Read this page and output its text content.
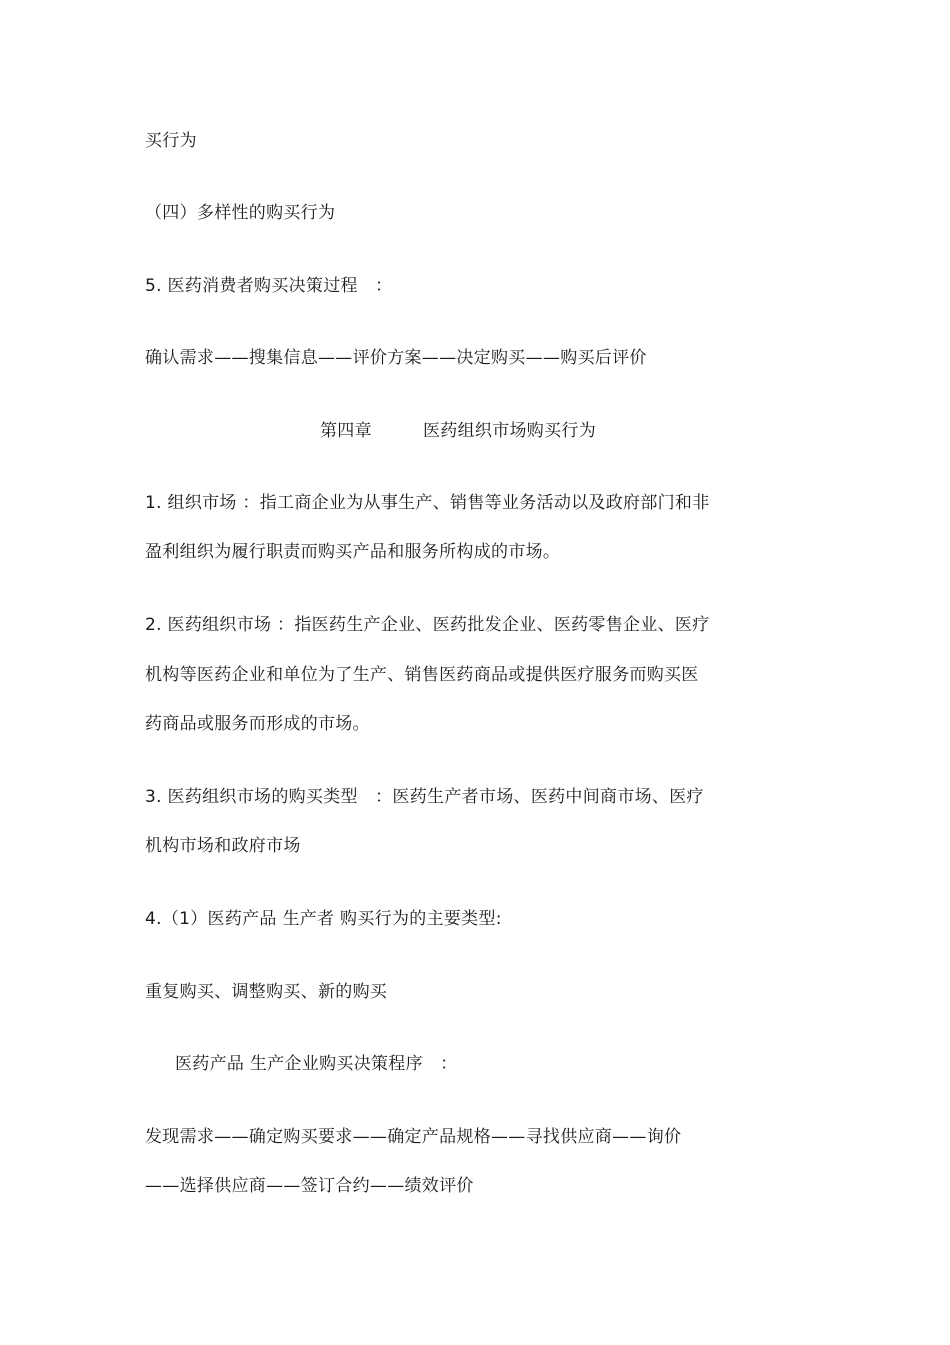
买行为
（四）多样性的购买行为
5. 医药消费者购买决策过程　：
确认需求——搜集信息——评价方案——决定购买——购买后评价
第四章	医药组织市场购买行为
1. 组织市场 ：指工商企业为从事生产、销售等业务活动以及政府部门和非
盈利组织为履行职责而购买产品和服务所构成的市场。
2. 医药组织市场 ：指医药生产企业、医药批发企业、医药零售企业、医疗
机构等医药企业和单位为了生产、销售医药商品或提供医疗服务而购买医
药商品或服务而形成的市场。
3. 医药组织市场的购买类型　：医药生产者市场、医药中间商市场、医疗
机构市场和政府市场
4.（1）医药产品 生产者 购买行为的主要类型:
重复购买、调整购买、新的购买
医药产品 生产企业购买决策程序　：
发现需求——确定购买要求——确定产品规格——寻找供应商——询价
——选择供应商——签订合约——绩效评价
